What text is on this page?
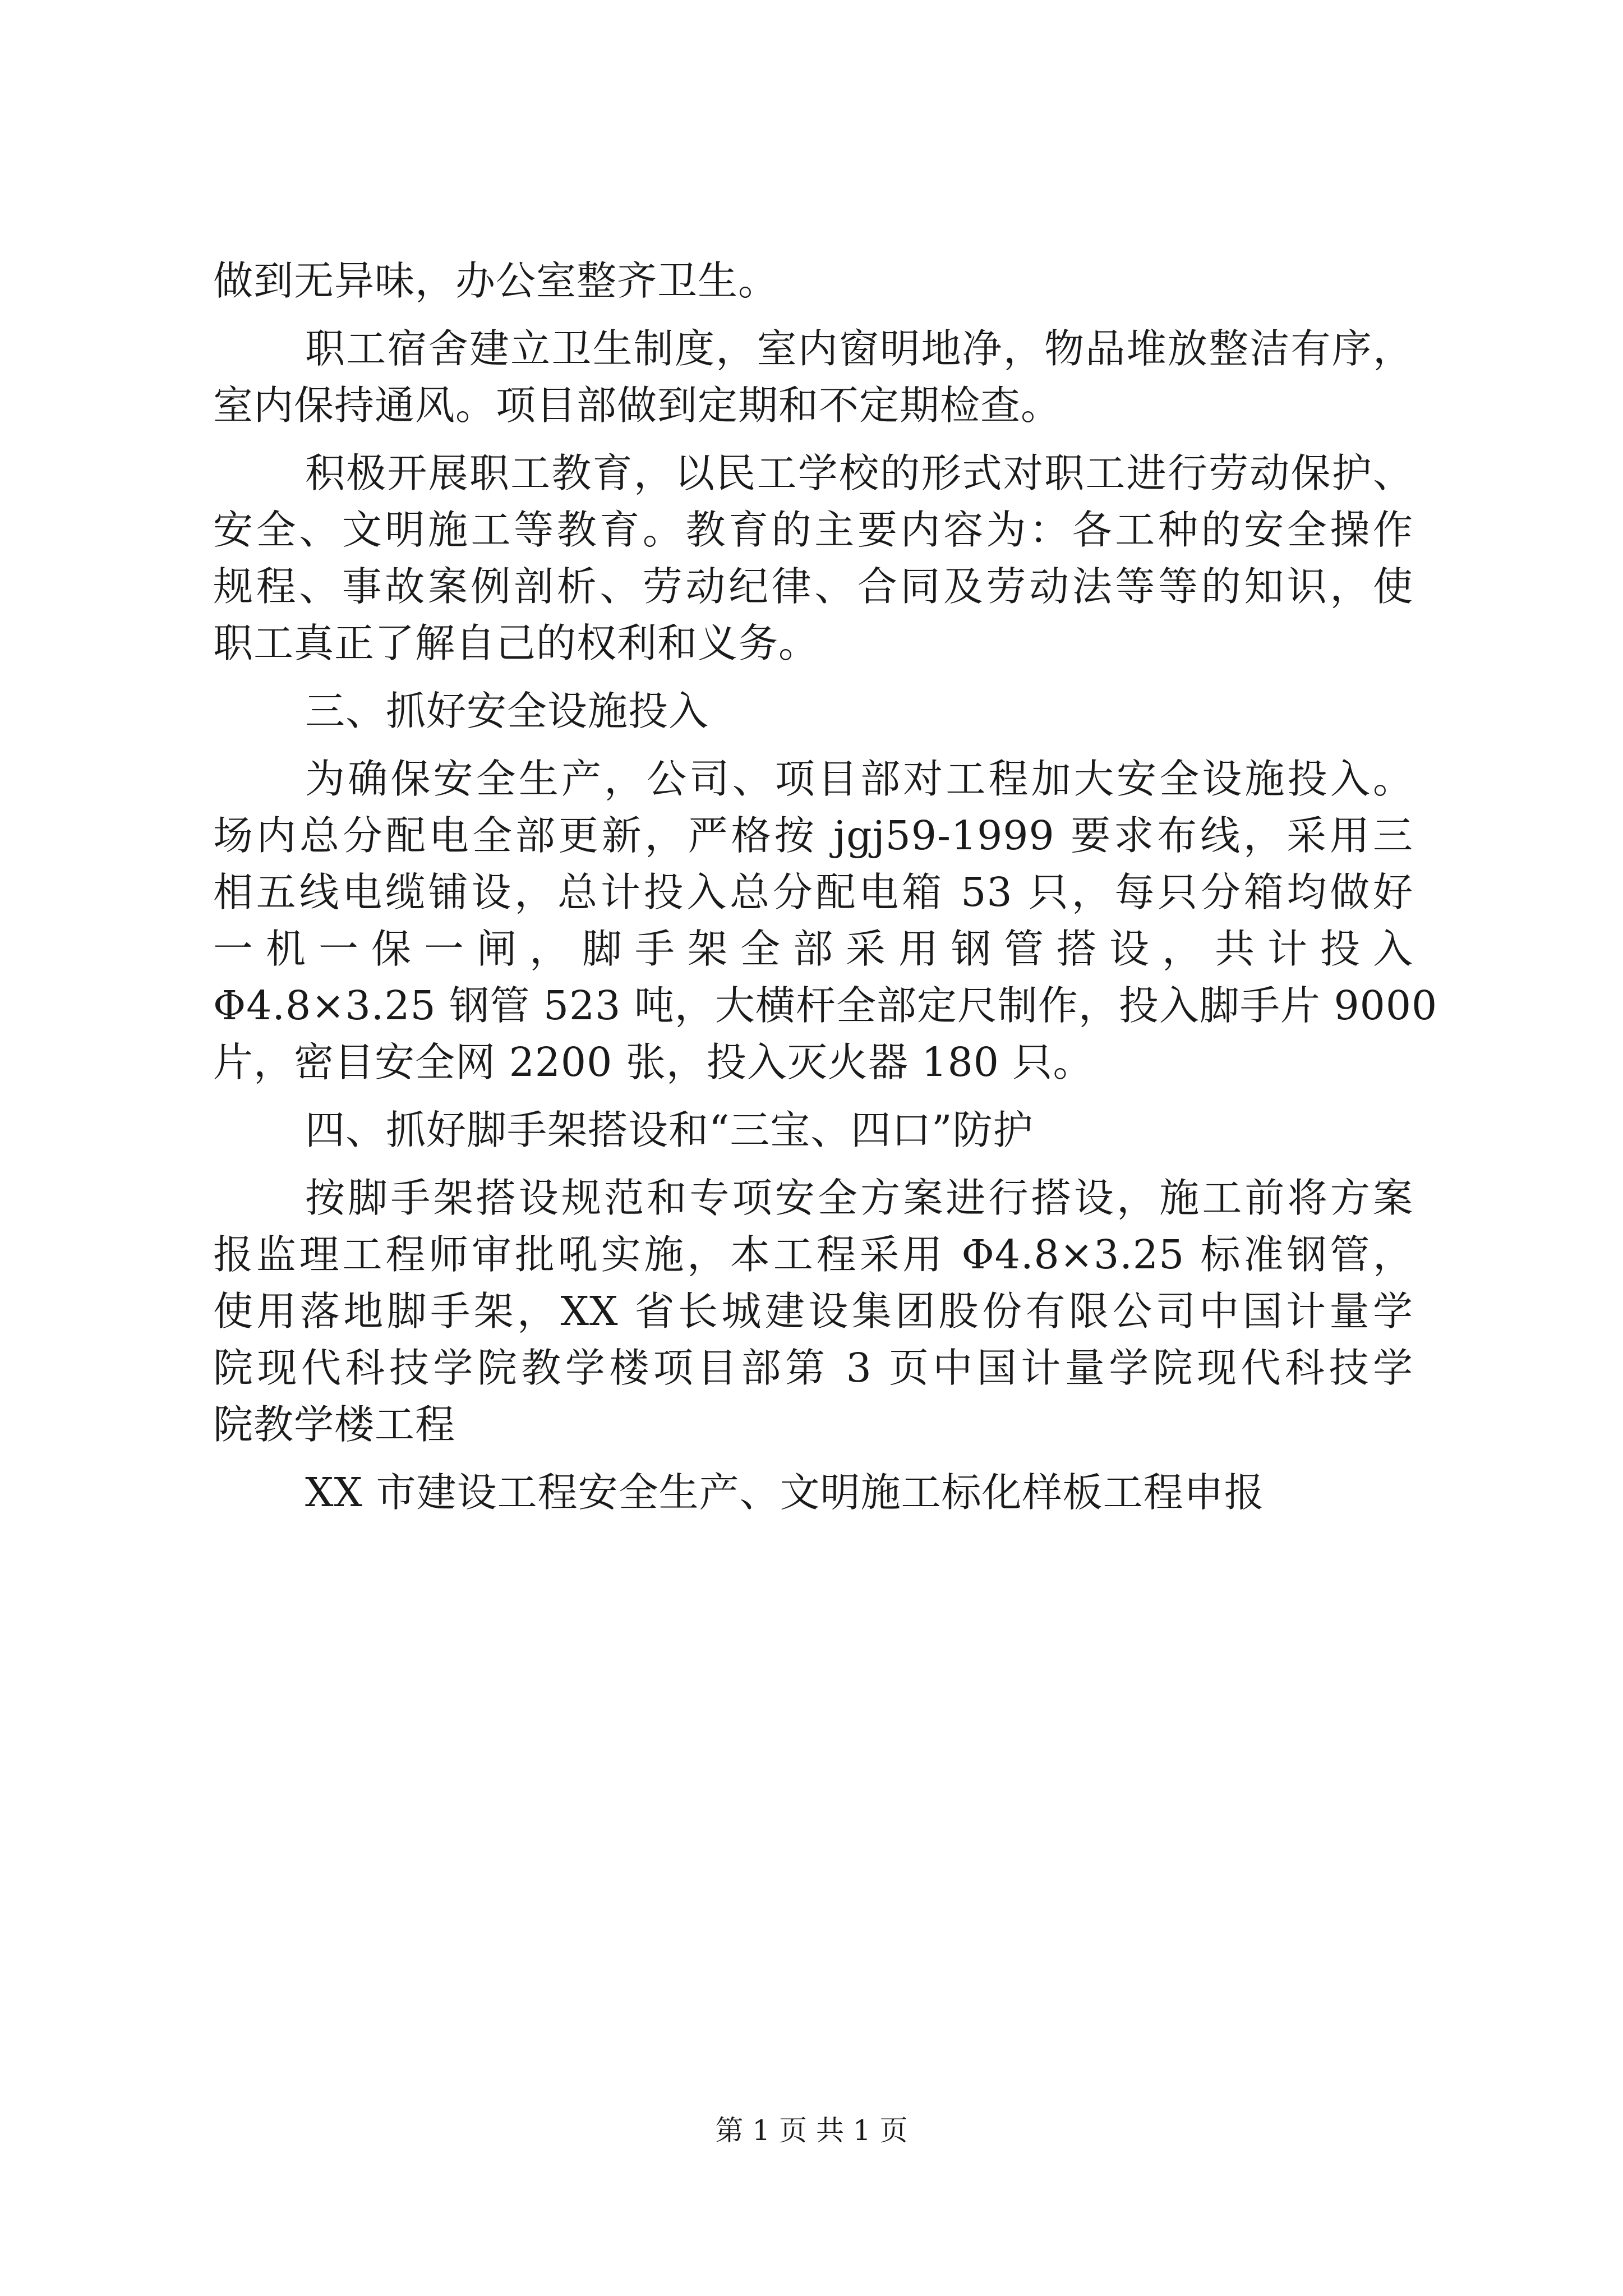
做到无异味，办公室整齐卫生。
职工宿舍建立卫生制度，室内窗明地净，物品堆放整洁有序，
室内保持通风。项目部做到定期和不定期检查。
积极开展职工教育，以民工学校的形式对职工进行劳动保护、
安全、文明施工等教育。教育的主要内容为：各工种的安全操作
规程、事故案例剖析、劳动纪律、合同及劳动法等等的知识，使
职工真正了解自己的权利和义务。
三、抓好安全设施投入
为确保安全生产，公司、项目部对工程加大安全设施投入。
场内总分配电全部更新，严格按 jgj59-1999 要求布线，采用三
相五线电缆铺设，总计投入总分配电箱 53 只，每只分箱均做好
一机一保一闸，脚手架全部采用钢管搭设，共计投入
Φ4.8×3.25 钢管 523 吨，大横杆全部定尺制作，投入脚手片 9000
片，密目安全网 2200 张，投入灭火器 180 只。
四、抓好脚手架搭设和“三宝、四口”防护
按脚手架搭设规范和专项安全方案进行搭设，施工前将方案
报监理工程师审批吼实施，本工程采用 Φ4.8×3.25 标准钢管，
使用落地脚手架，XX 省长城建设集团股份有限公司中国计量学
院现代科技学院教学楼项目部第 3 页中国计量学院现代科技学
院教学楼工程
XX 市建设工程安全生产、文明施工标化样板工程申报
第 1 页 共 1 页
